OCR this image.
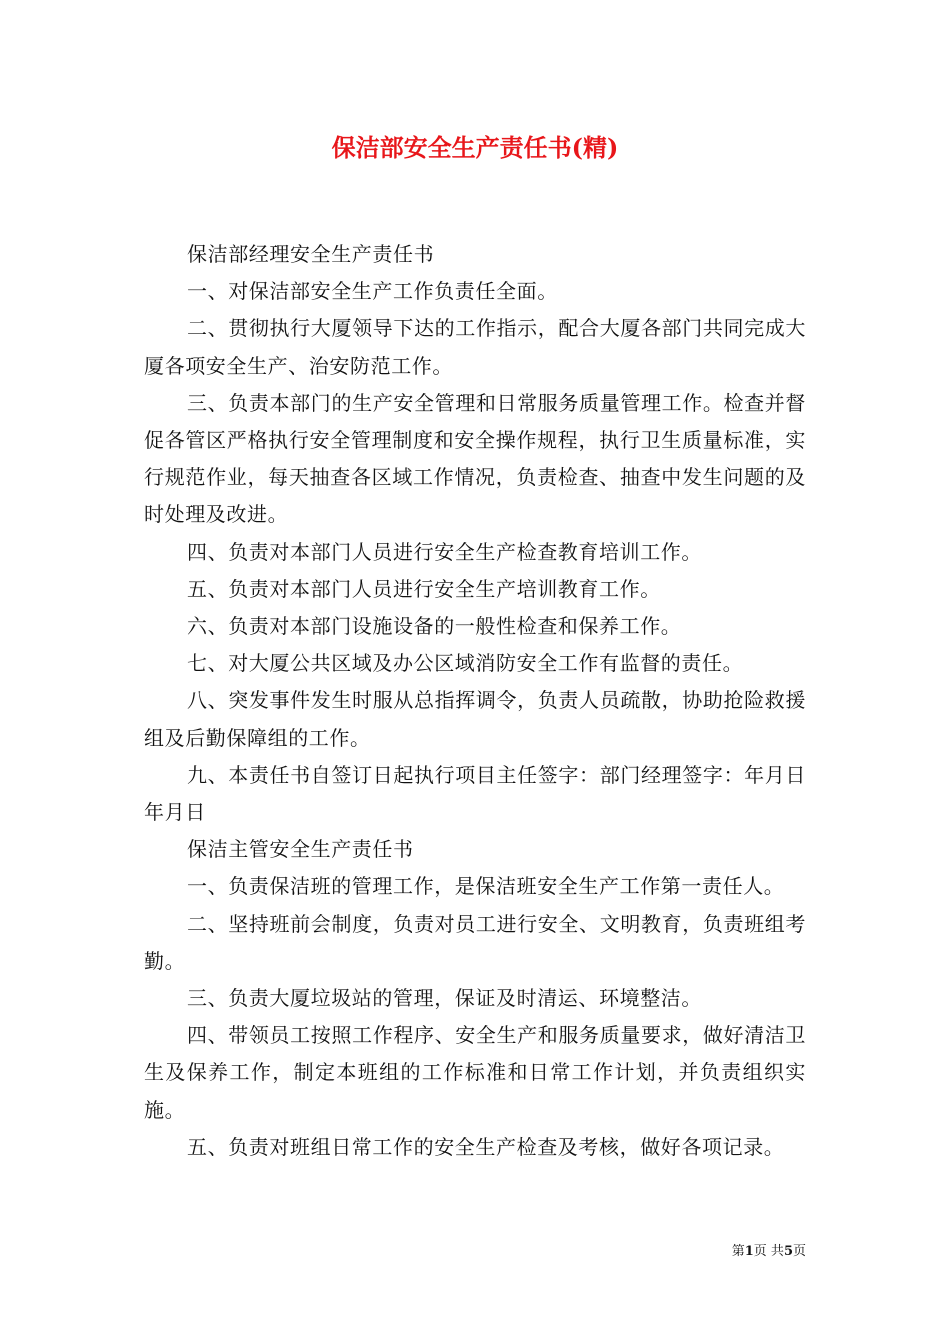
保洁部安全生产责任书(精)

保洁部经理安全生产责任书

一、对保洁部安全生产工作负责任全面。

二、贯彻执行大厦领导下达的工作指示，配合大厦各部门共同完成大厦各项安全生产、治安防范工作。

三、负责本部门的生产安全管理和日常服务质量管理工作。检查并督促各管区严格执行安全管理制度和安全操作规程，执行卫生质量标准，实行规范作业，每天抽查各区域工作情况，负责检查、抽查中发生问题的及时处理及改进。

四、负责对本部门人员进行安全生产检查教育培训工作。

五、负责对本部门人员进行安全生产培训教育工作。

六、负责对本部门设施设备的一般性检查和保养工作。

七、对大厦公共区域及办公区域消防安全工作有监督的责任。

八、突发事件发生时服从总指挥调令，负责人员疏散，协助抢险救援组及后勤保障组的工作。

九、本责任书自签订日起执行项目主任签字：部门经理签字：年月日年月日

保洁主管安全生产责任书

一、负责保洁班的管理工作，是保洁班安全生产工作第一责任人。

二、坚持班前会制度，负责对员工进行安全、文明教育，负责班组考勤。

三、负责大厦垃圾站的管理，保证及时清运、环境整洁。

四、带领员工按照工作程序、安全生产和服务质量要求，做好清洁卫生及保养工作，制定本班组的工作标准和日常工作计划，并负责组织实施。

五、负责对班组日常工作的安全生产检查及考核，做好各项记录。

第1页 共5页
